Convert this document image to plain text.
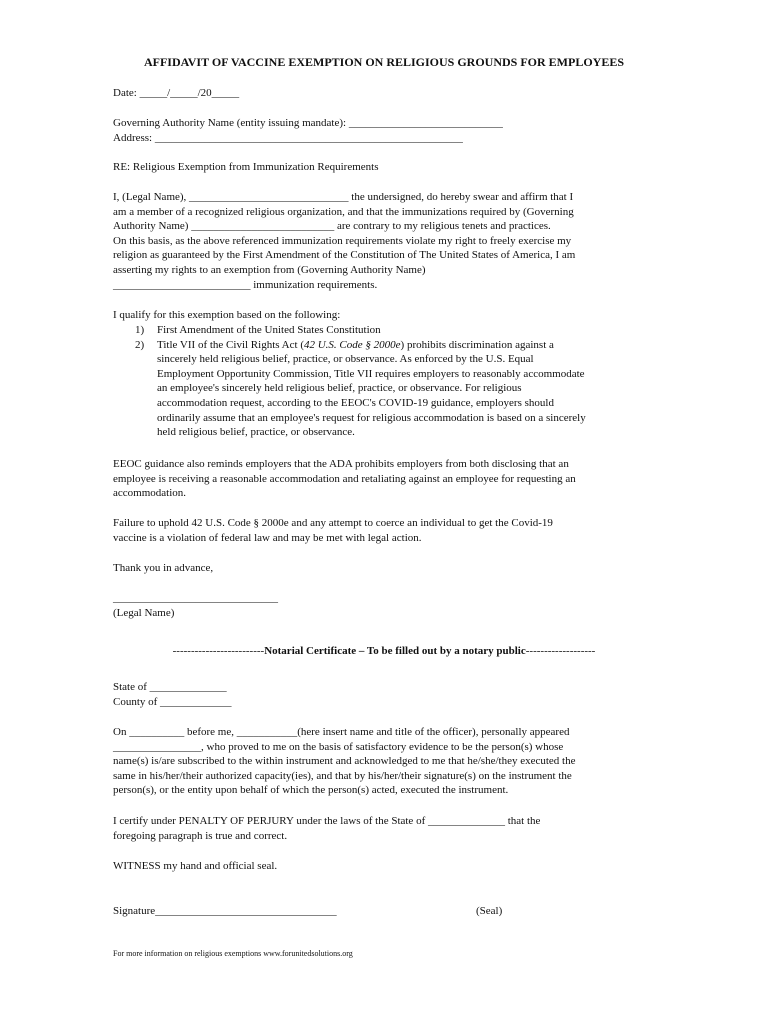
AFFIDAVIT OF VACCINE EXEMPTION ON RELIGIOUS GROUNDS FOR EMPLOYEES

Date: _____/_____/20_____

Governing Authority Name (entity issuing mandate): ____________________________
Address: ________________________________________________________

RE: Religious Exemption from Immunization Requirements

I, (Legal Name), _____________________________ the undersigned, do hereby swear and affirm that I
am a member of a recognized religious organization, and that the immunizations required by (Governing
Authority Name) __________________________ are contrary to my religious tenets and practices.
On this basis, as the above referenced immunization requirements violate my right to freely exercise my
religion as guaranteed by the First Amendment of the Constitution of The United States of America, I am
asserting my rights to an exemption from (Governing Authority Name)
_________________________ immunization requirements.

I qualify for this exemption based on the following:

1) First Amendment of the United States Constitution
2) Title VII of the Civil Rights Act (42 U.S. Code § 2000e) prohibits discrimination against a
sincerely held religious belief, practice, or observance. As enforced by the U.S. Equal
Employment Opportunity Commission, Title VII requires employers to reasonably accommodate
an employee's sincerely held religious belief, practice, or observance. For religious
accommodation request, according to the EEOC's COVID-19 guidance, employers should
ordinarily assume that an employee's request for religious accommodation is based on a sincerely
held religious belief, practice, or observance.
EEOC guidance also reminds employers that the ADA prohibits employers from both disclosing that an
employee is receiving a reasonable accommodation and retaliating against an employee for requesting an
accommodation.
Failure to uphold 42 U.S. Code § 2000e and any attempt to coerce an individual to get the Covid-19
vaccine is a violation of federal law and may be met with legal action.

Thank you in advance,

______________________________
(Legal Name)
-------------------------Notarial Certificate – To be filled out by a notary public-------------------
State of ______________
County of _____________
On __________ before me, ___________(here insert name and title of the officer), personally appeared
________________, who proved to me on the basis of satisfactory evidence to be the person(s) whose
name(s) is/are subscribed to the within instrument and acknowledged to me that he/she/they executed the
same in his/her/their authorized capacity(ies), and that by his/her/their signature(s) on the instrument the
person(s), or the entity upon behalf of which the person(s) acted, executed the instrument.
I certify under PENALTY OF PERJURY under the laws of the State of ______________ that the
foregoing paragraph is true and correct.

WITNESS my hand and official seal.

Signature_________________________________	(Seal)
For more information on religious exemptions www.forunitedsolutions.org
